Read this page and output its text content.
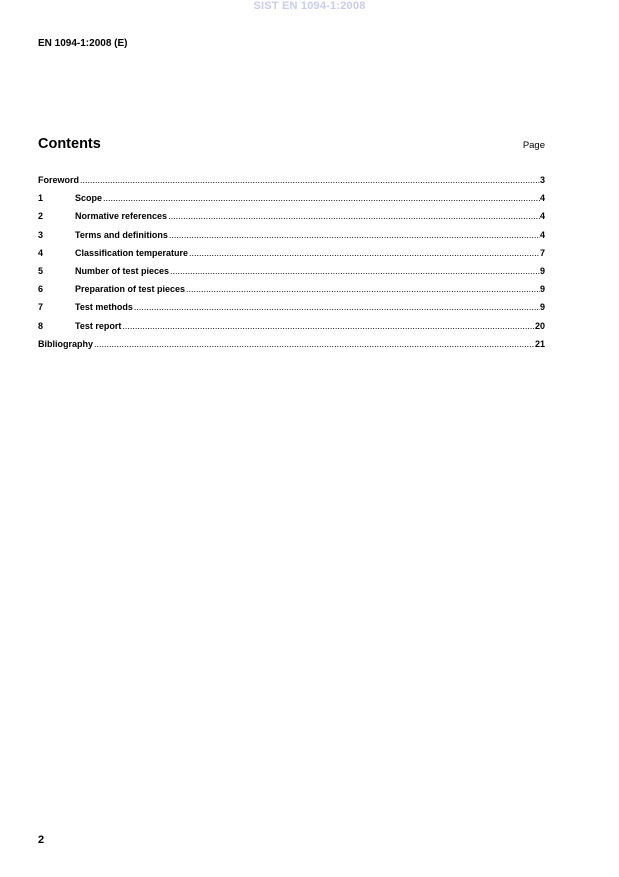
SIST EN 1094-1:2008
EN 1094-1:2008 (E)
Contents	Page
Foreword .....	3
1	Scope .....	4
2	Normative references .....	4
3	Terms and definitions .....	4
4	Classification temperature .....	7
5	Number of test pieces .....	9
6	Preparation of test pieces .....	9
7	Test methods .....	9
8	Test report .....	20
Bibliography .....	21
2
